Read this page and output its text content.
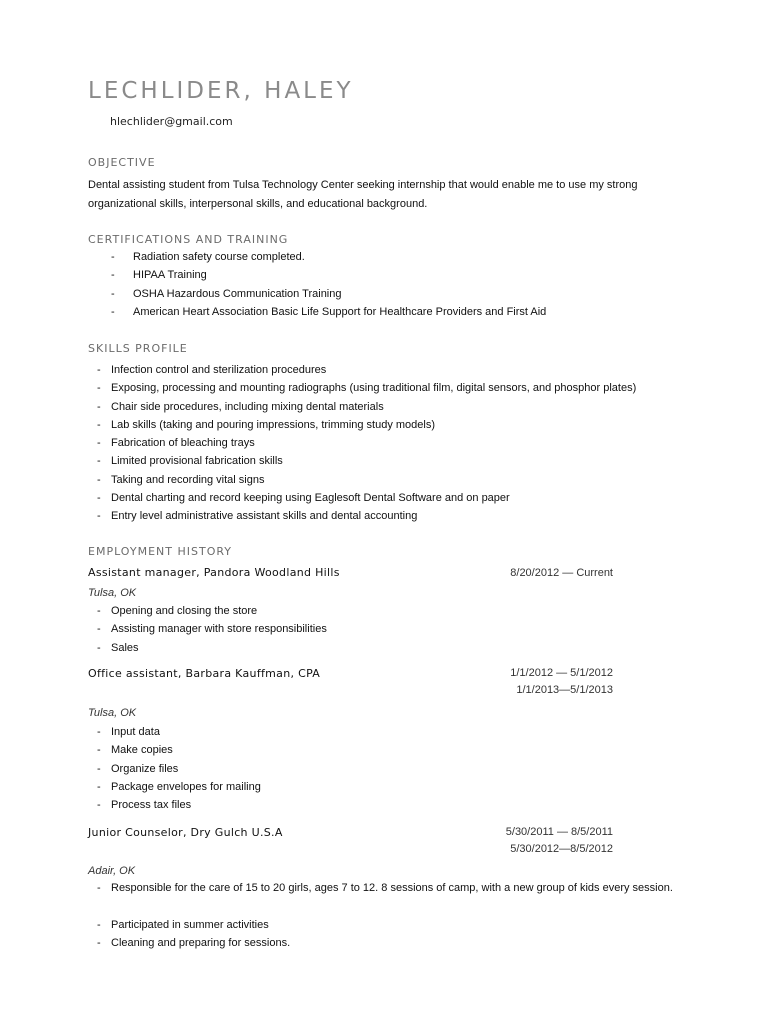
LECHLIDER, HALEY
hlechlider@gmail.com
OBJECTIVE

Dental assisting student from Tulsa Technology Center seeking internship that would enable me to use my strong organizational skills, interpersonal skills, and educational background.

CERTIFICATIONS AND TRAINING
- Radiation safety course completed.
- HIPAA Training
- OSHA Hazardous Communication Training
- American Heart Association Basic Life Support for Healthcare Providers and First Aid
SKILLS PROFILE
- Infection control and sterilization procedures
- Exposing, processing and mounting radiographs (using traditional film, digital sensors, and phosphor plates)
- Chair side procedures, including mixing dental materials
- Lab skills (taking and pouring impressions, trimming study models)
- Fabrication of bleaching trays
- Limited provisional fabrication skills
- Taking and recording vital signs
- Dental charting and record keeping using Eaglesoft Dental Software and on paper
- Entry level administrative assistant skills and dental accounting
EMPLOYMENT HISTORY
Assistant manager, Pandora Woodland Hills	8/20/2012 — Current
Tulsa, OK
- Opening and closing the store
- Assisting manager with store responsibilities
- Sales
Office assistant, Barbara Kauffman, CPA	1/1/2012 — 5/1/2012
1/1/2013—5/1/2013
Tulsa, OK
- Input data
- Make copies
- Organize files
- Package envelopes for mailing
- Process tax files
Junior Counselor, Dry Gulch U.S.A	5/30/2011 — 8/5/2011
5/30/2012—8/5/2012
Adair, OK
- Responsible for the care of 15 to 20 girls, ages 7 to 12. 8 sessions of camp, with a new group of kids every session.
- Participated in summer activities
- Cleaning and preparing for sessions.
